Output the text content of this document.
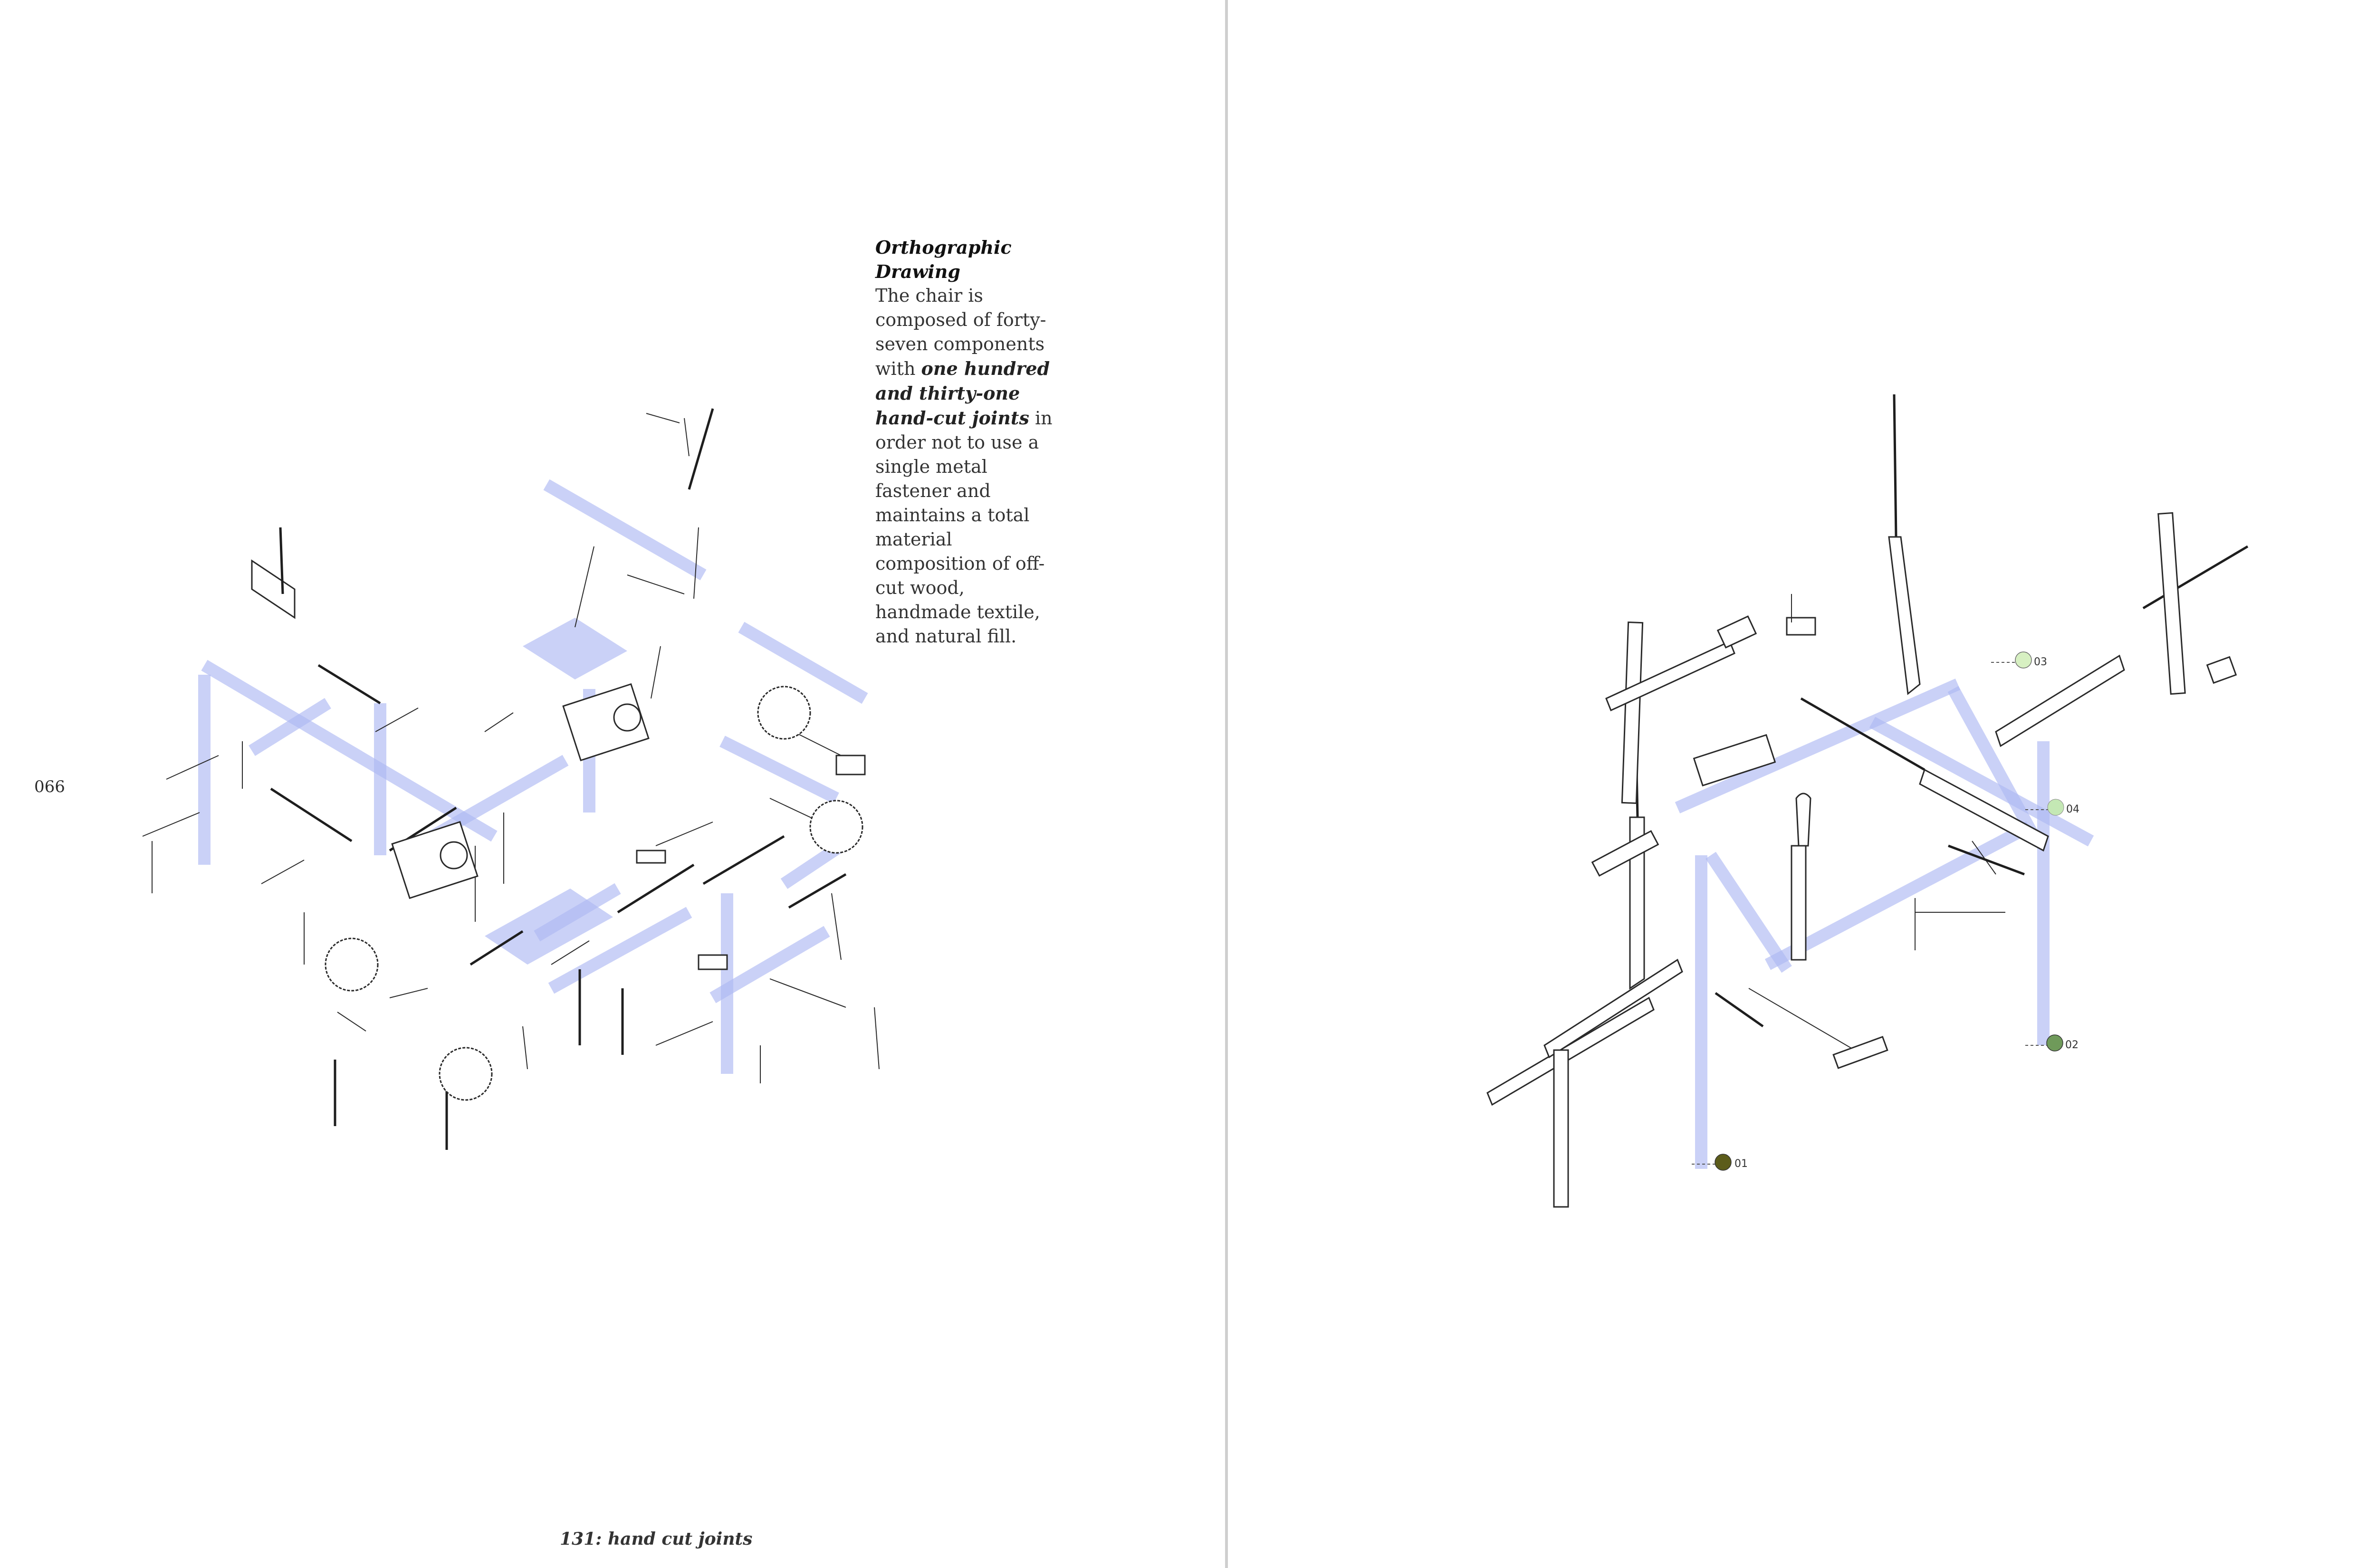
066
Orthographic Drawing
The chair is composed of forty-seven components with one hundred and thirty-one hand-cut joints in order not to use a single metal fastener and maintains a total material composition of off-cut wood, handmade textile, and natural fill.
131: hand cut joints
01
02
03
04
